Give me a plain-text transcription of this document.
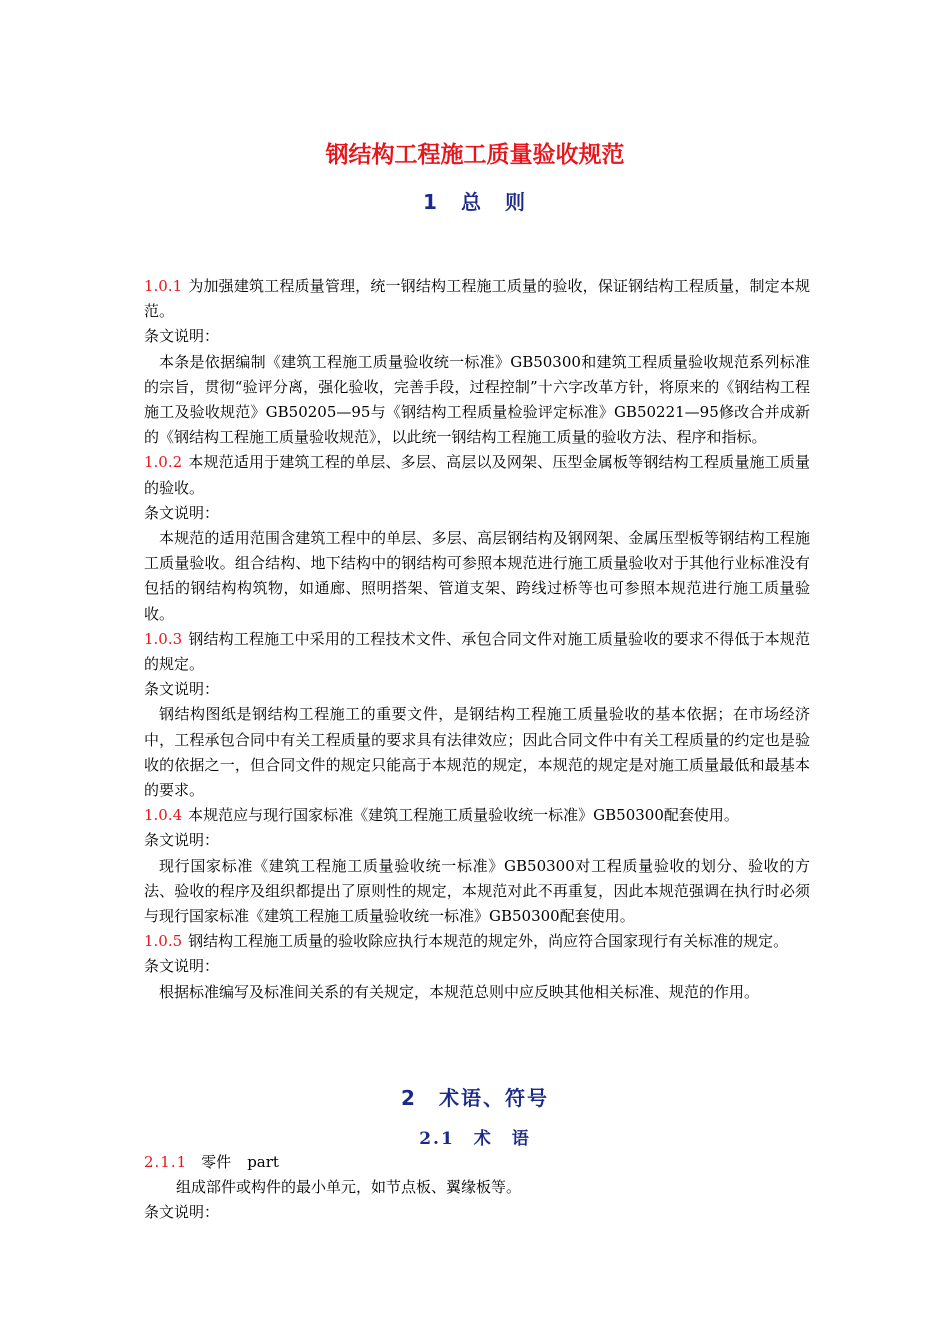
钢结构工程施工质量验收规范
1　总　则

1.0.1 为加强建筑工程质量管理，统一钢结构工程施工质量的验收，保证钢结构工程质量，制定本规范。

条文说明：

本条是依据编制《建筑工程施工质量验收统一标准》GB50300和建筑工程质量验收规范系列标准的宗旨，贯彻“验评分离，强化验收，完善手段，过程控制”十六字改革方针，将原来的《钢结构工程施工及验收规范》GB50205—95与《钢结构工程质量检验评定标准》GB50221—95修改合并成新的《钢结构工程施工质量验收规范》，以此统一钢结构工程施工质量的验收方法、程序和指标。

1.0.2 本规范适用于建筑工程的单层、多层、高层以及网架、压型金属板等钢结构工程质量施工质量的验收。

条文说明：

本规范的适用范围含建筑工程中的单层、多层、高层钢结构及钢网架、金属压型板等钢结构工程施工质量验收。组合结构、地下结构中的钢结构可参照本规范进行施工质量验收对于其他行业标准没有包括的钢结构构筑物，如通廊、照明搭架、管道支架、跨线过桥等也可参照本规范进行施工质量验收。

1.0.3 钢结构工程施工中采用的工程技术文件、承包合同文件对施工质量验收的要求不得低于本规范的规定。

条文说明：

钢结构图纸是钢结构工程施工的重要文件，是钢结构工程施工质量验收的基本依据；在市场经济中，工程承包合同中有关工程质量的要求具有法律效应；因此合同文件中有关工程质量的约定也是验收的依据之一，但合同文件的规定只能高于本规范的规定，本规范的规定是对施工质量最低和最基本的要求。

1.0.4 本规范应与现行国家标准《建筑工程施工质量验收统一标准》GB50300配套使用。

条文说明：

现行国家标准《建筑工程施工质量验收统一标准》GB50300对工程质量验收的划分、验收的方法、验收的程序及组织都提出了原则性的规定，本规范对此不再重复，因此本规范强调在执行时必须与现行国家标准《建筑工程施工质量验收统一标准》GB50300配套使用。

1.0.5 钢结构工程施工质量的验收除应执行本规范的规定外，尚应符合国家现行有关标准的规定。

条文说明：

根据标准编写及标准间关系的有关规定，本规范总则中应反映其他相关标准、规范的作用。

2　术语、符号
2.1　术　语

2.1.1 零件 part

组成部件或构件的最小单元，如节点板、翼缘板等。

条文说明：
